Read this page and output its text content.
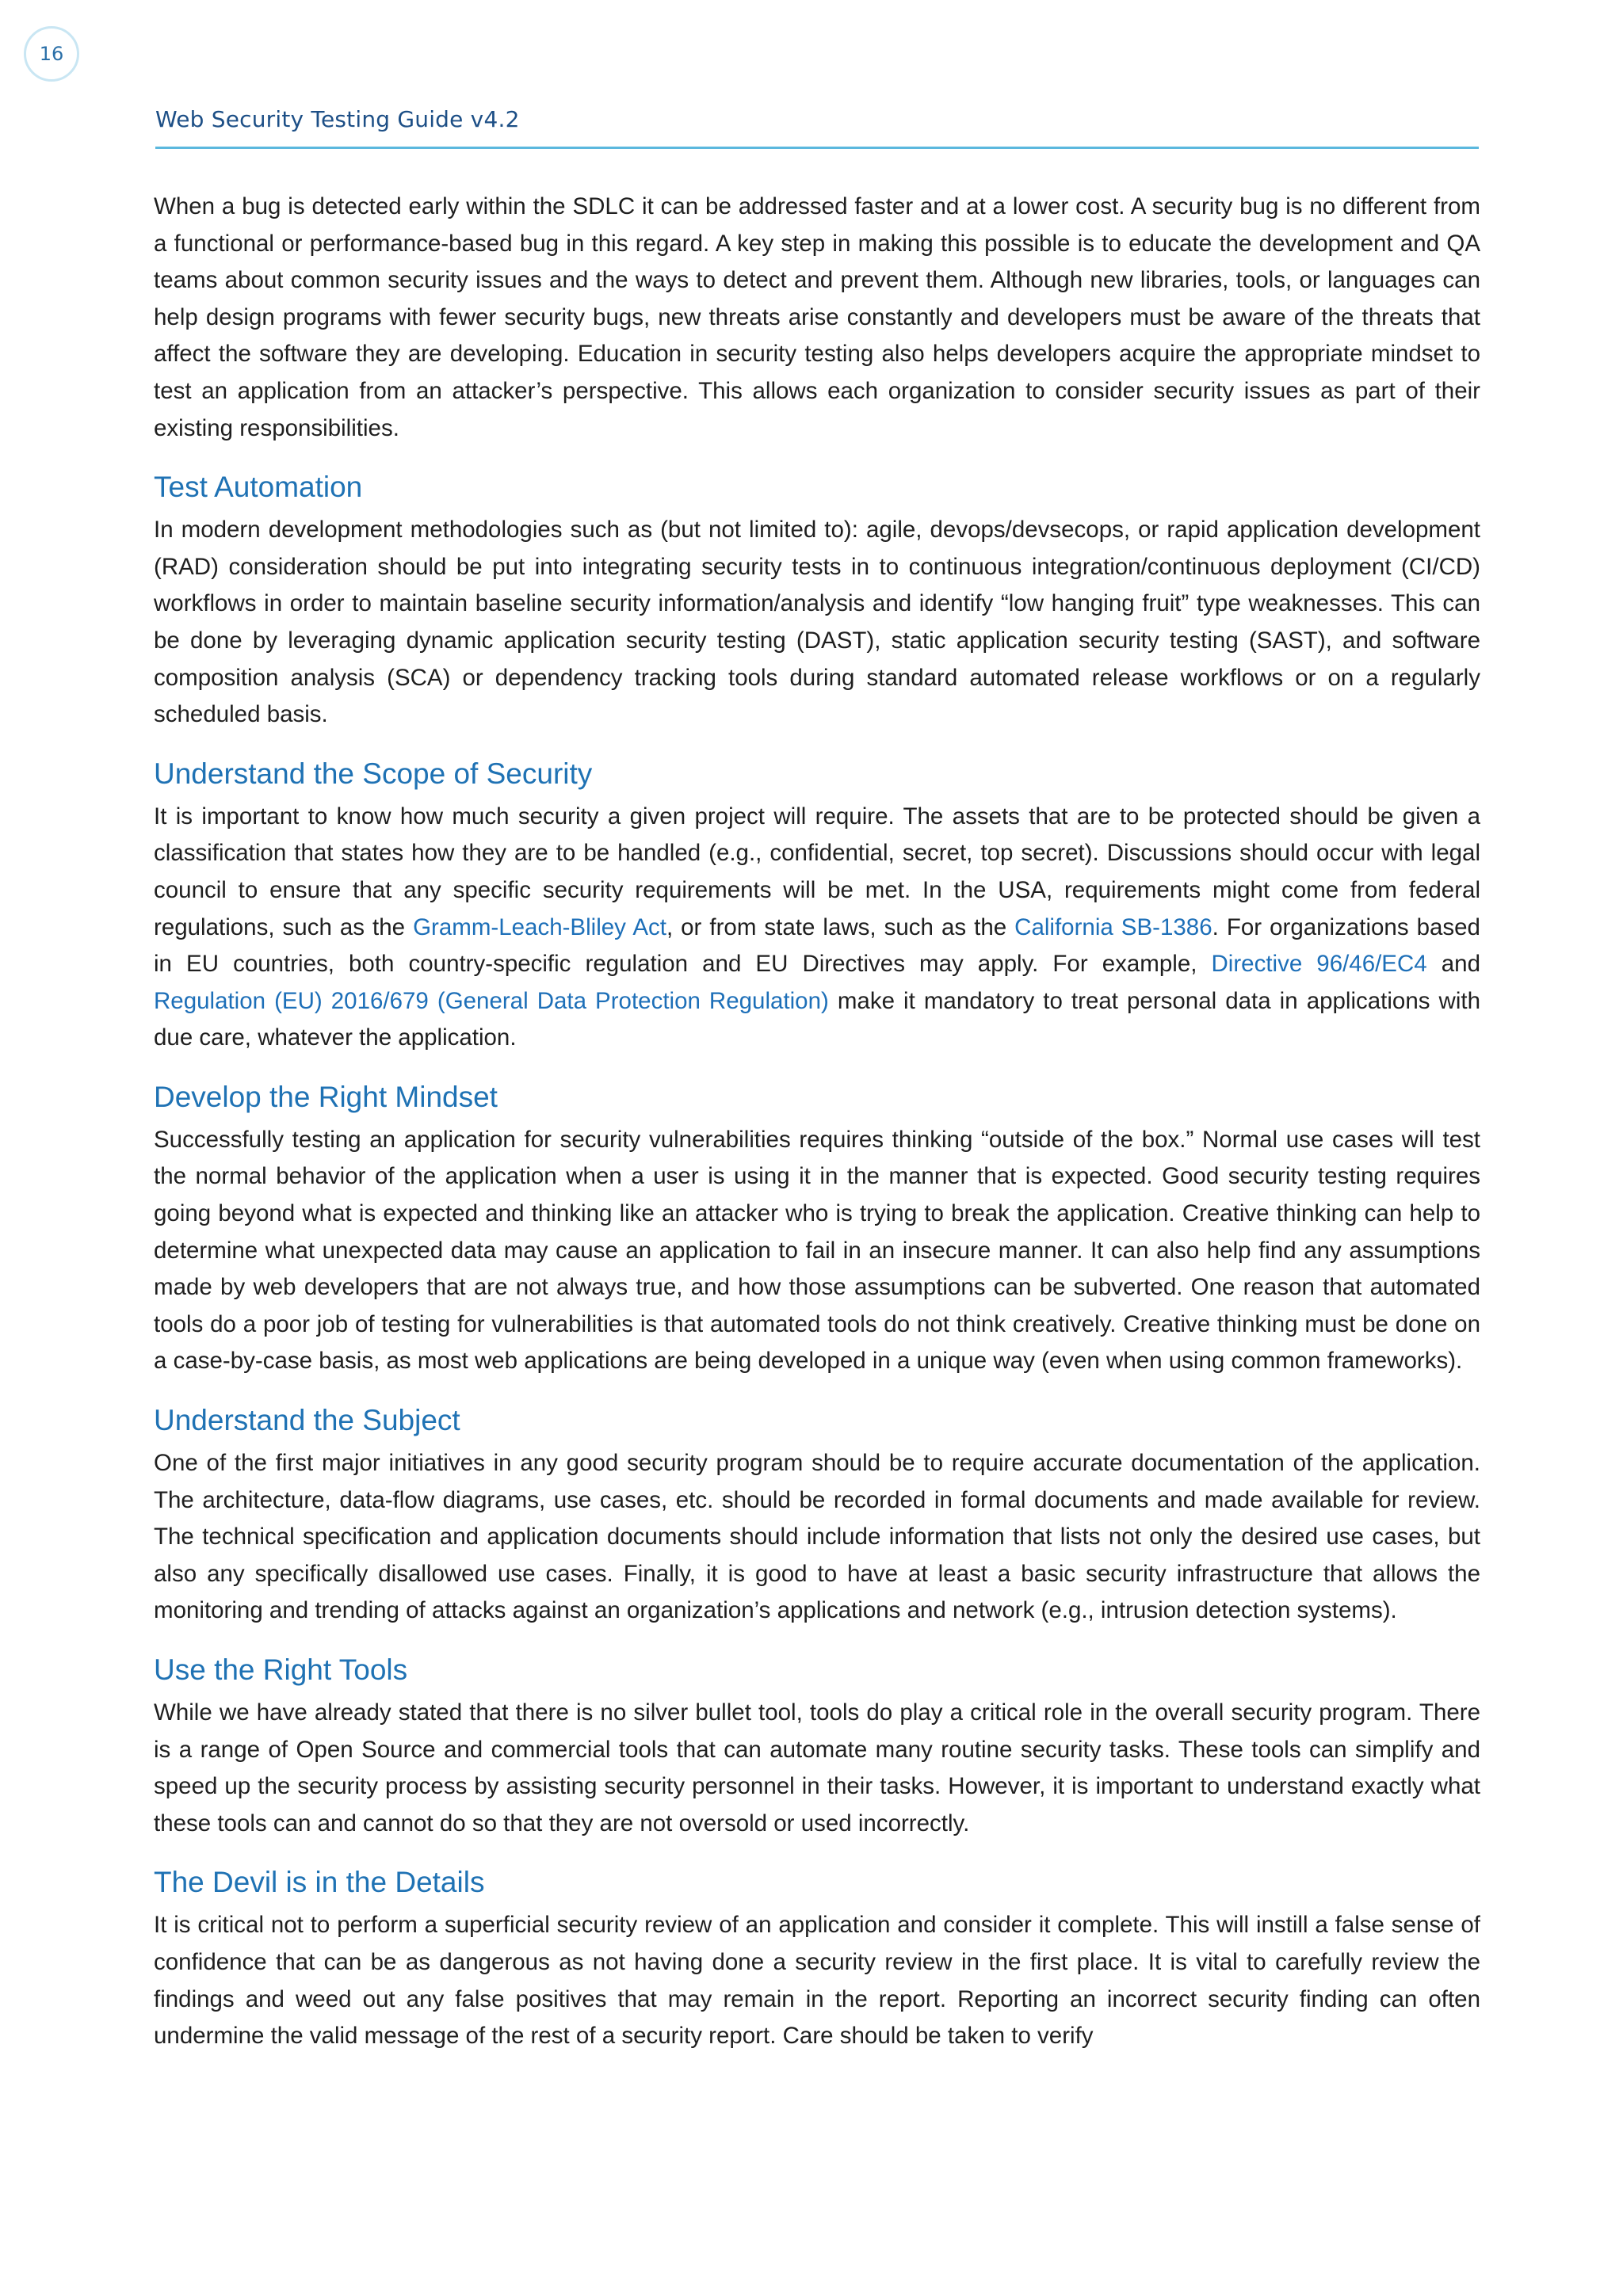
16
Web Security Testing Guide v4.2

When a bug is detected early within the SDLC it can be addressed faster and at a lower cost. A security bug is no different from a functional or performance-based bug in this regard. A key step in making this possible is to educate the development and QA teams about common security issues and the ways to detect and prevent them. Although new libraries, tools, or languages can help design programs with fewer security bugs, new threats arise constantly and developers must be aware of the threats that affect the software they are developing. Education in security testing also helps developers acquire the appropriate mindset to test an application from an attacker’s perspective. This allows each organization to consider security issues as part of their existing responsibilities.

Test Automation

In modern development methodologies such as (but not limited to): agile, devops/devsecops, or rapid application development (RAD) consideration should be put into integrating security tests in to continuous integration/continuous deployment (CI/CD) workflows in order to maintain baseline security information/analysis and identify “low hanging fruit” type weaknesses. This can be done by leveraging dynamic application security testing (DAST), static application security testing (SAST), and software composition analysis (SCA) or dependency tracking tools during standard automated release workflows or on a regularly scheduled basis.

Understand the Scope of Security

It is important to know how much security a given project will require. The assets that are to be protected should be given a classification that states how they are to be handled (e.g., confidential, secret, top secret). Discussions should occur with legal council to ensure that any specific security requirements will be met. In the USA, requirements might come from federal regulations, such as the Gramm-Leach-Bliley Act, or from state laws, such as the California SB-1386. For organizations based in EU countries, both country-specific regulation and EU Directives may apply. For example, Directive 96/46/EC4 and Regulation (EU) 2016/679 (General Data Protection Regulation) make it mandatory to treat personal data in applications with due care, whatever the application.

Develop the Right Mindset

Successfully testing an application for security vulnerabilities requires thinking “outside of the box.” Normal use cases will test the normal behavior of the application when a user is using it in the manner that is expected. Good security testing requires going beyond what is expected and thinking like an attacker who is trying to break the application. Creative thinking can help to determine what unexpected data may cause an application to fail in an insecure manner. It can also help find any assumptions made by web developers that are not always true, and how those assumptions can be subverted. One reason that automated tools do a poor job of testing for vulnerabilities is that automated tools do not think creatively. Creative thinking must be done on a case-by-case basis, as most web applications are being developed in a unique way (even when using common frameworks).

Understand the Subject

One of the first major initiatives in any good security program should be to require accurate documentation of the application. The architecture, data-flow diagrams, use cases, etc. should be recorded in formal documents and made available for review. The technical specification and application documents should include information that lists not only the desired use cases, but also any specifically disallowed use cases. Finally, it is good to have at least a basic security infrastructure that allows the monitoring and trending of attacks against an organization’s applications and network (e.g., intrusion detection systems).

Use the Right Tools

While we have already stated that there is no silver bullet tool, tools do play a critical role in the overall security program. There is a range of Open Source and commercial tools that can automate many routine security tasks. These tools can simplify and speed up the security process by assisting security personnel in their tasks. However, it is important to understand exactly what these tools can and cannot do so that they are not oversold or used incorrectly.

The Devil is in the Details

It is critical not to perform a superficial security review of an application and consider it complete. This will instill a false sense of confidence that can be as dangerous as not having done a security review in the first place. It is vital to carefully review the findings and weed out any false positives that may remain in the report. Reporting an incorrect security finding can often undermine the valid message of the rest of a security report. Care should be taken to verify
